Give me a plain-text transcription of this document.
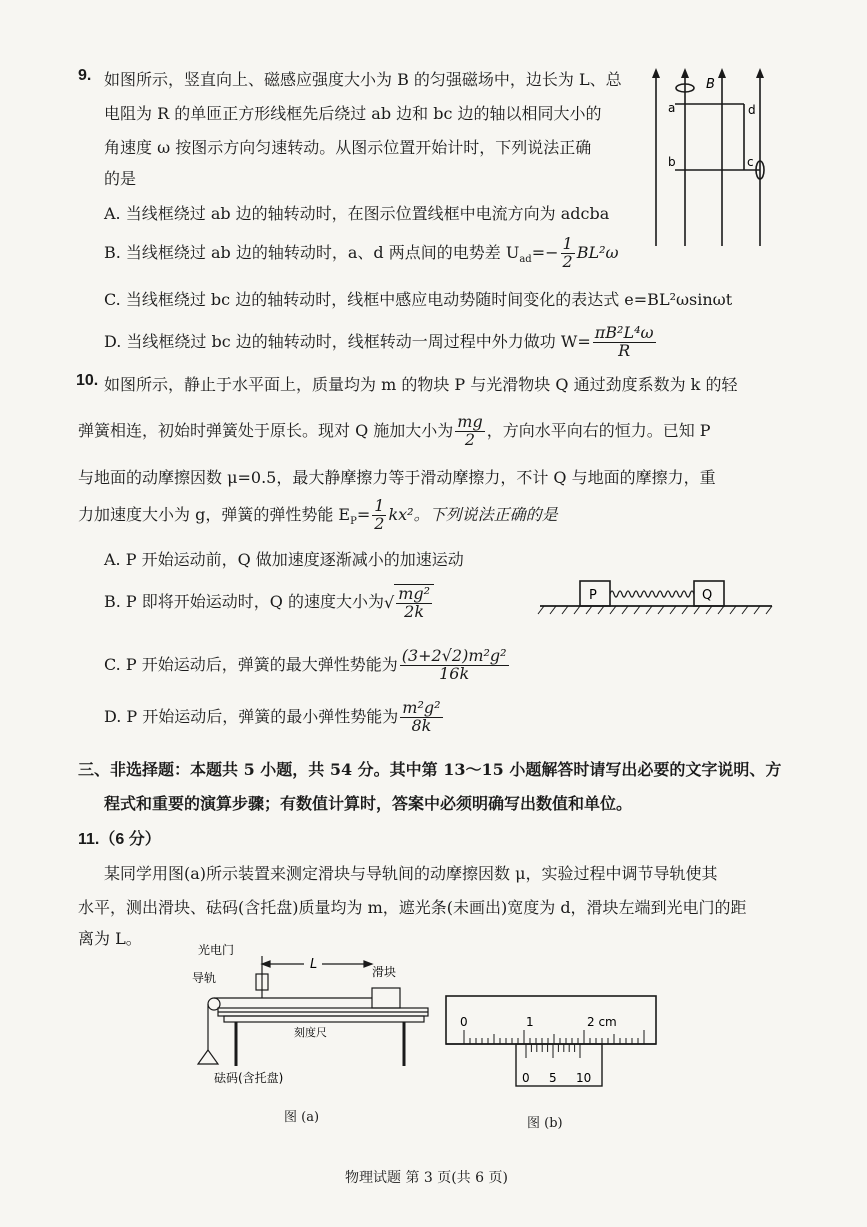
9. 如图所示，竖直向上、磁感应强度大小为 B 的匀强磁场中，边长为 L、总
电阻为 R 的单匝正方形线框先后绕过 ab 边和 bc 边的轴以相同大小的
角速度 ω 按图示方向匀速转动。从图示位置开始计时，下列说法正确
的是
A. 当线框绕过 ab 边的轴转动时，在图示位置线框中电流方向为 adcba
B. 当线框绕过 ab 边的轴转动时，a、d 两点间的电势差 $U_{ad}=- \frac{1}{2} BL^2\omega$
C. 当线框绕过 bc 边的轴转动时，线框中感应电动势随时间变化的表达式 e=BL²ωsinωt
D. 当线框绕过 bc 边的轴转动时，线框转动一周过程中外力做功 $W= \frac{\text{πB²L⁴ω}}{R}$
B
a	d
b	c
10. 如图所示，静止于水平面上，质量均为 m 的物块 P 与光滑物块 Q 通过劲度系数为 k 的轻
弹簧相连，初始时弹簧处于原长。现对 Q 施加大小为 $\frac{mg}{2}$ ，方向水平向右的恒力。已知 P
与地面的动摩擦因数 μ=0.5，最大静摩擦力等于滑动摩擦力，不计 Q 与地面的摩擦力，重
力加速度大小为 g，弹簧的弹性势能 $E_P= \frac{1}{2} kx^2$。下列说法正确的是
A. P 开始运动前，Q 做加速度逐渐减小的加速运动
B. P 即将开始运动时，Q 的速度大小为√ $\frac{\text{mg²}}{2k}$
C. P 开始运动后，弹簧的最大弹性势能为 $\frac{\text{(3+2√2)m²g²}}{16k}$
D. P 开始运动后，弹簧的最小弹性势能为 $\frac{\text{m²g²}}{8k}$
P	Q
三、非选择题：本题共 5 小题，共 54 分。其中第 13～15 小题解答时请写出必要的文字说明、方
程式和重要的演算步骤；有数值计算时，答案中必须明确写出数值和单位。
11.（6 分）
某同学用图(a)所示装置来测定滑块与导轨间的动摩擦因数 μ，实验过程中调节导轨使其
水平，测出滑块、砝码(含托盘)质量均为 m，遮光条(未画出)宽度为 d，滑块左端到光电门的距
离为 L。
光电门
导轨	滑块
L
刻度尺
砝码(含托盘)
图 (a)
0	1	2 cm
0 5 10
图 (b)
物理试题 第 3 页(共 6 页)
